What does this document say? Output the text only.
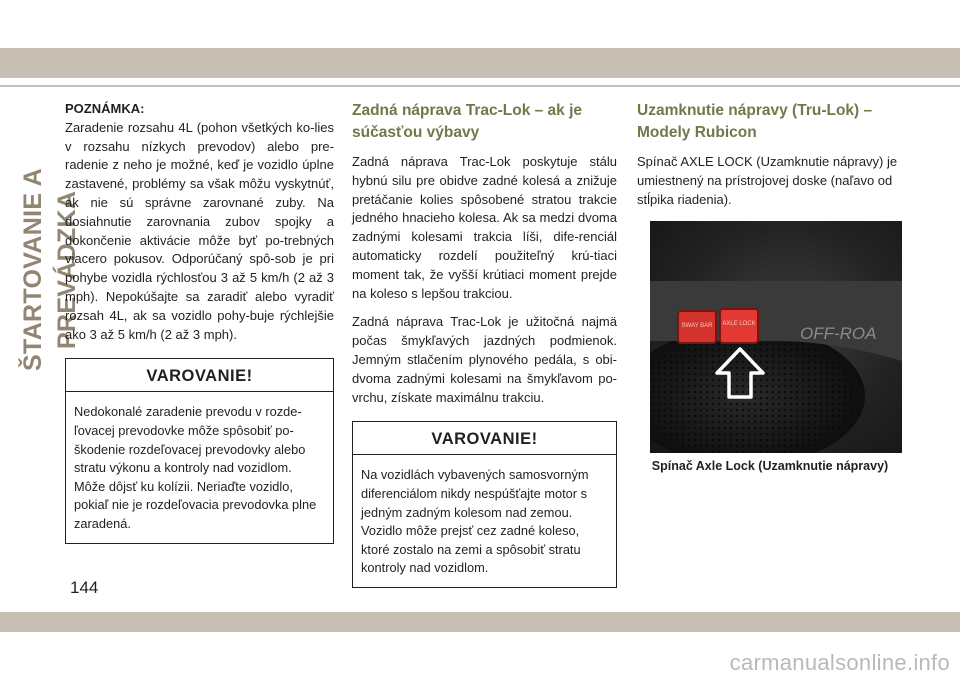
ŠTARTOVANIE A PREVÁDZKA
POZNÁMKA:

Zaradenie rozsahu 4L (pohon všetkých ko-lies v rozsahu nízkych prevodov) alebo pre-radenie z neho je možné, keď je vozidlo úplne zastavené, problémy sa však môžu vyskytnúť, ak nie sú správne zarovnané zuby. Na dosiahnutie zarovnania zubov spojky a dokončenie aktivácie môže byť po-trebných viacero pokusov. Odporúčaný spô-sob je pri pohybe vozidla rýchlosťou 3 až 5 km/h (2 až 3 mph). Nepokúšajte sa zaradiť alebo vyradiť rozsah 4L, ak sa vozidlo pohy-buje rýchlejšie ako 3 až 5 km/h (2 až 3 mph).

VAROVANIE!
Nedokonalé zaradenie prevodu v rozde-ľovacej prevodovke môže spôsobiť po-škodenie rozdeľovacej prevodovky alebo stratu výkonu a kontroly nad vozidlom. Môže dôjsť ku kolízii. Neriaďte vozidlo, pokiaľ nie je rozdeľovacia prevodovka plne zaradená.
Zadná náprava Trac-Lok – ak je súčasťou výbavy

Zadná náprava Trac-Lok poskytuje stálu hybnú silu pre obidve zadné kolesá a znižuje pretáčanie kolies spôsobené stratou trakcie jedného hnacieho kolesa. Ak sa medzi dvoma zadnými kolesami trakcia líši, dife-renciál automaticky rozdelí použiteľný krú-tiaci moment tak, že vyšší krútiaci moment prejde na koleso s lepšou trakciou.

Zadná náprava Trac-Lok je užitočná najmä počas šmykľavých jazdných podmienok. Jemným stlačením plynového pedála, s obi-dvoma zadnými kolesami na šmykľavom po-vrchu, získate maximálnu trakciu.

VAROVANIE!
Na vozidlách vybavených samosvorným diferenciálom nikdy nespúšťajte motor s jedným zadným kolesom nad zemou. Vozidlo môže prejsť cez zadné koleso, ktoré zostalo na zemi a spôsobiť stratu kontroly nad vozidlom.
Uzamknutie nápravy (Tru-Lok) – Modely Rubicon

Spínač AXLE LOCK (Uzamknutie nápravy) je umiestnený na prístrojovej doske (naľavo od stĺpika riadenia).

SWAY BAR AXLE LOCK	OFF-ROA
Spínač Axle Lock (Uzamknutie nápravy)
144
carmanualsonline.info
